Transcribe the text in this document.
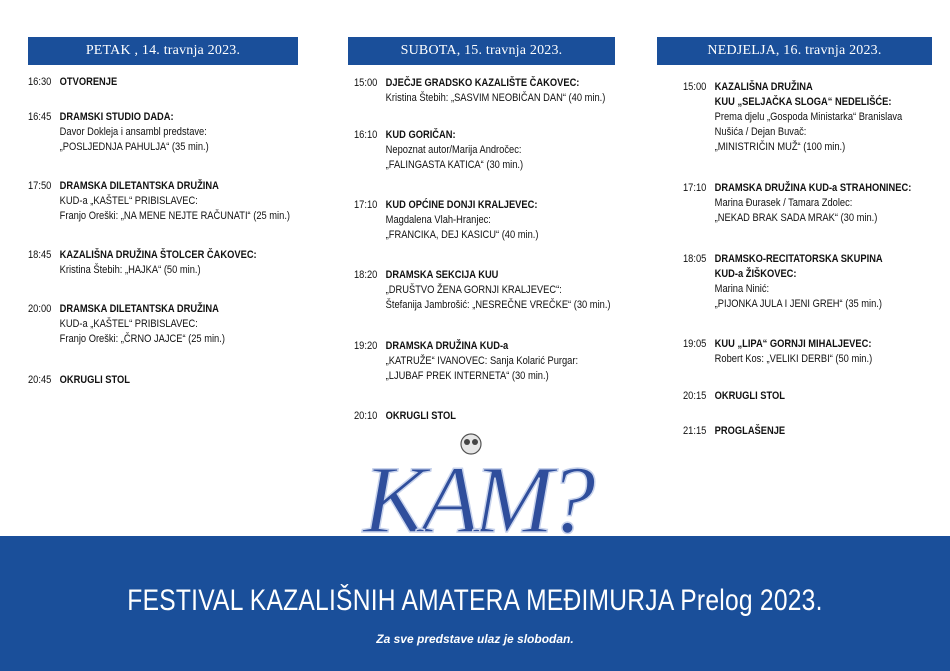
PETAK , 14. travnja 2023.
16:30 OTVORENJE
16:45 DRAMSKI STUDIO DADA:
Davor Dokleja i ansambl predstave:
„POSLJEDNJA PAHULJA“ (35 min.)
17:50 DRAMSKA DILETANTSKA DRUŽINA
KUD-a „KAŠTEL“ PRIBISLAVEC:
Franjo Oreški: „NA MENE NEJTE RAČUNATI“ (25 min.)
18:45 KAZALIŠNA DRUŽINA ŠTOLCER ČAKOVEC:
Kristina Štebih: „HAJKA“ (50 min.)
20:00 DRAMSKA DILETANTSKA DRUŽINA
KUD-a „KAŠTEL“ PRIBISLAVEC:
Franjo Oreški: „ČRNO JAJCE“ (25 min.)
20:45 OKRUGLI STOL
SUBOTA, 15. travnja 2023.
15:00 DJEČJE GRADSKO KAZALIŠTE ČAKOVEC:
Kristina Štebih: „SASVIM NEOBIČAN DAN“ (40 min.)
16:10 KUD GORIČAN:
Nepoznat autor/Marija Andročec:
„FALINGASTA KATICA“ (30 min.)
17:10 KUD OPĆINE DONJI KRALJEVEC:
Magdalena Vlah-Hranjec:
„FRANCIKA, DEJ KASICU“ (40 min.)
18:20 DRAMSKA SEKCIJA KUU
„DRUŠTVO ŽENA GORNJI KRALJEVEC“:
Štefanija Jambrošić: „NESREČNE VREČKE“ (30 min.)
19:20 DRAMSKA DRUŽINA KUD-a
„KATRUŽE“ IVANOVEC: Sanja Kolarić Purgar:
„LJUBAF PREK INTERNETA“ (30 min.)
20:10 OKRUGLI STOL
NEDJELJA, 16. travnja 2023.
15:00 KAZALIŠNA DRUŽINA
KUU „SELJAČKA SLOGA“ NEDELIŠĆE:
Prema djelu „Gospoda Ministarka“ Branislava
Nušića / Dejan Buvač:
„MINISTRIČIN MUŽ“ (100 min.)
17:10 DRAMSKA DRUŽINA KUD-a STRAHONINEC:
Marina Đurasek / Tamara Zdolec:
„NEKAD BRAK SADA MRAK“ (30 min.)
18:05 DRAMSKO-RECITATORSKA SKUPINA
KUD-a ŽIŠKOVEC:
Marina Ninić:
„PIJONKA JULA I JENI GREH“ (35 min.)
19:05 KUU „LIPA“ GORNJI MIHALJEVEC:
Robert Kos: „VELIKI DERBI“ (50 min.)
20:15 OKRUGLI STOL
21:15 PROGLAŠENJE
FESTIVAL KAZALIŠNIH AMATERA MEĐIMURJA Prelog 2023.
Za sve predstave ulaz je slobodan.
KAM?
